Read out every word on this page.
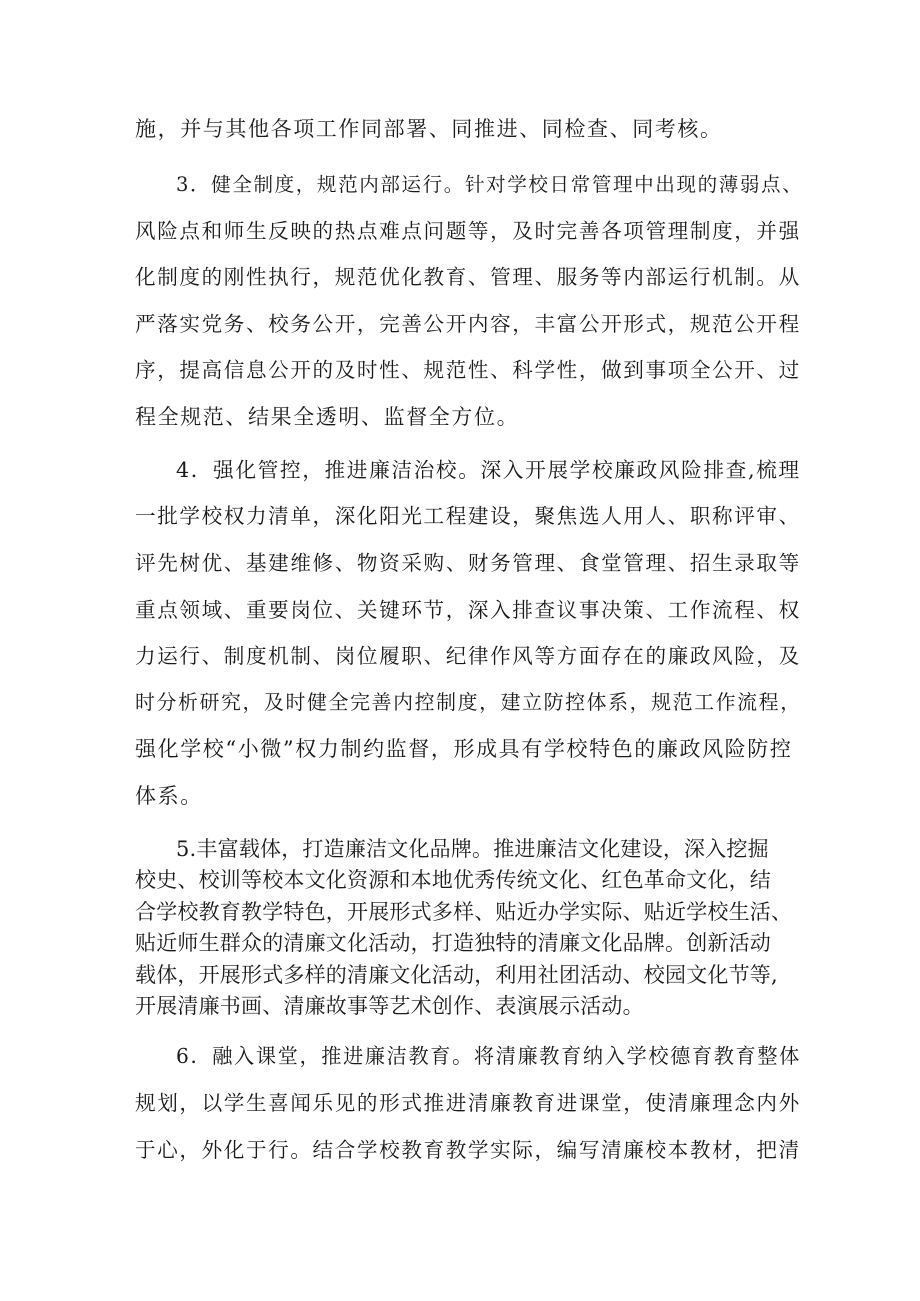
施，并与其他各项工作同部署、同推进、同检查、同考核。
3．健全制度，规范内部运行。针对学校日常管理中出现的薄弱点、
风险点和师生反映的热点难点问题等，及时完善各项管理制度，并强
化制度的刚性执行，规范优化教育、管理、服务等内部运行机制。从
严落实党务、校务公开，完善公开内容，丰富公开形式，规范公开程
序，提高信息公开的及时性、规范性、科学性，做到事项全公开、过
程全规范、结果全透明、监督全方位。
4．强化管控，推进廉洁治校。深入开展学校廉政风险排查,梳理
一批学校权力清单，深化阳光工程建设，聚焦选人用人、职称评审、
评先树优、基建维修、物资采购、财务管理、食堂管理、招生录取等
重点领域、重要岗位、关键环节，深入排查议事决策、工作流程、权
力运行、制度机制、岗位履职、纪律作风等方面存在的廉政风险，及
时分析研究，及时健全完善内控制度，建立防控体系，规范工作流程，
强化学校“小微”权力制约监督，形成具有学校特色的廉政风险防控
体系。
5.丰富载体，打造廉洁文化品牌。推进廉洁文化建设，深入挖掘
校史、校训等校本文化资源和本地优秀传统文化、红色革命文化，结
合学校教育教学特色，开展形式多样、贴近办学实际、贴近学校生活、
贴近师生群众的清廉文化活动，打造独特的清廉文化品牌。创新活动
载体，开展形式多样的清廉文化活动，利用社团活动、校园文化节等,
开展清廉书画、清廉故事等艺术创作、表演展示活动。
6．融入课堂，推进廉洁教育。将清廉教育纳入学校德育教育整体
规划，以学生喜闻乐见的形式推进清廉教育进课堂，使清廉理念内外
于心，外化于行。结合学校教育教学实际，编写清廉校本教材，把清
